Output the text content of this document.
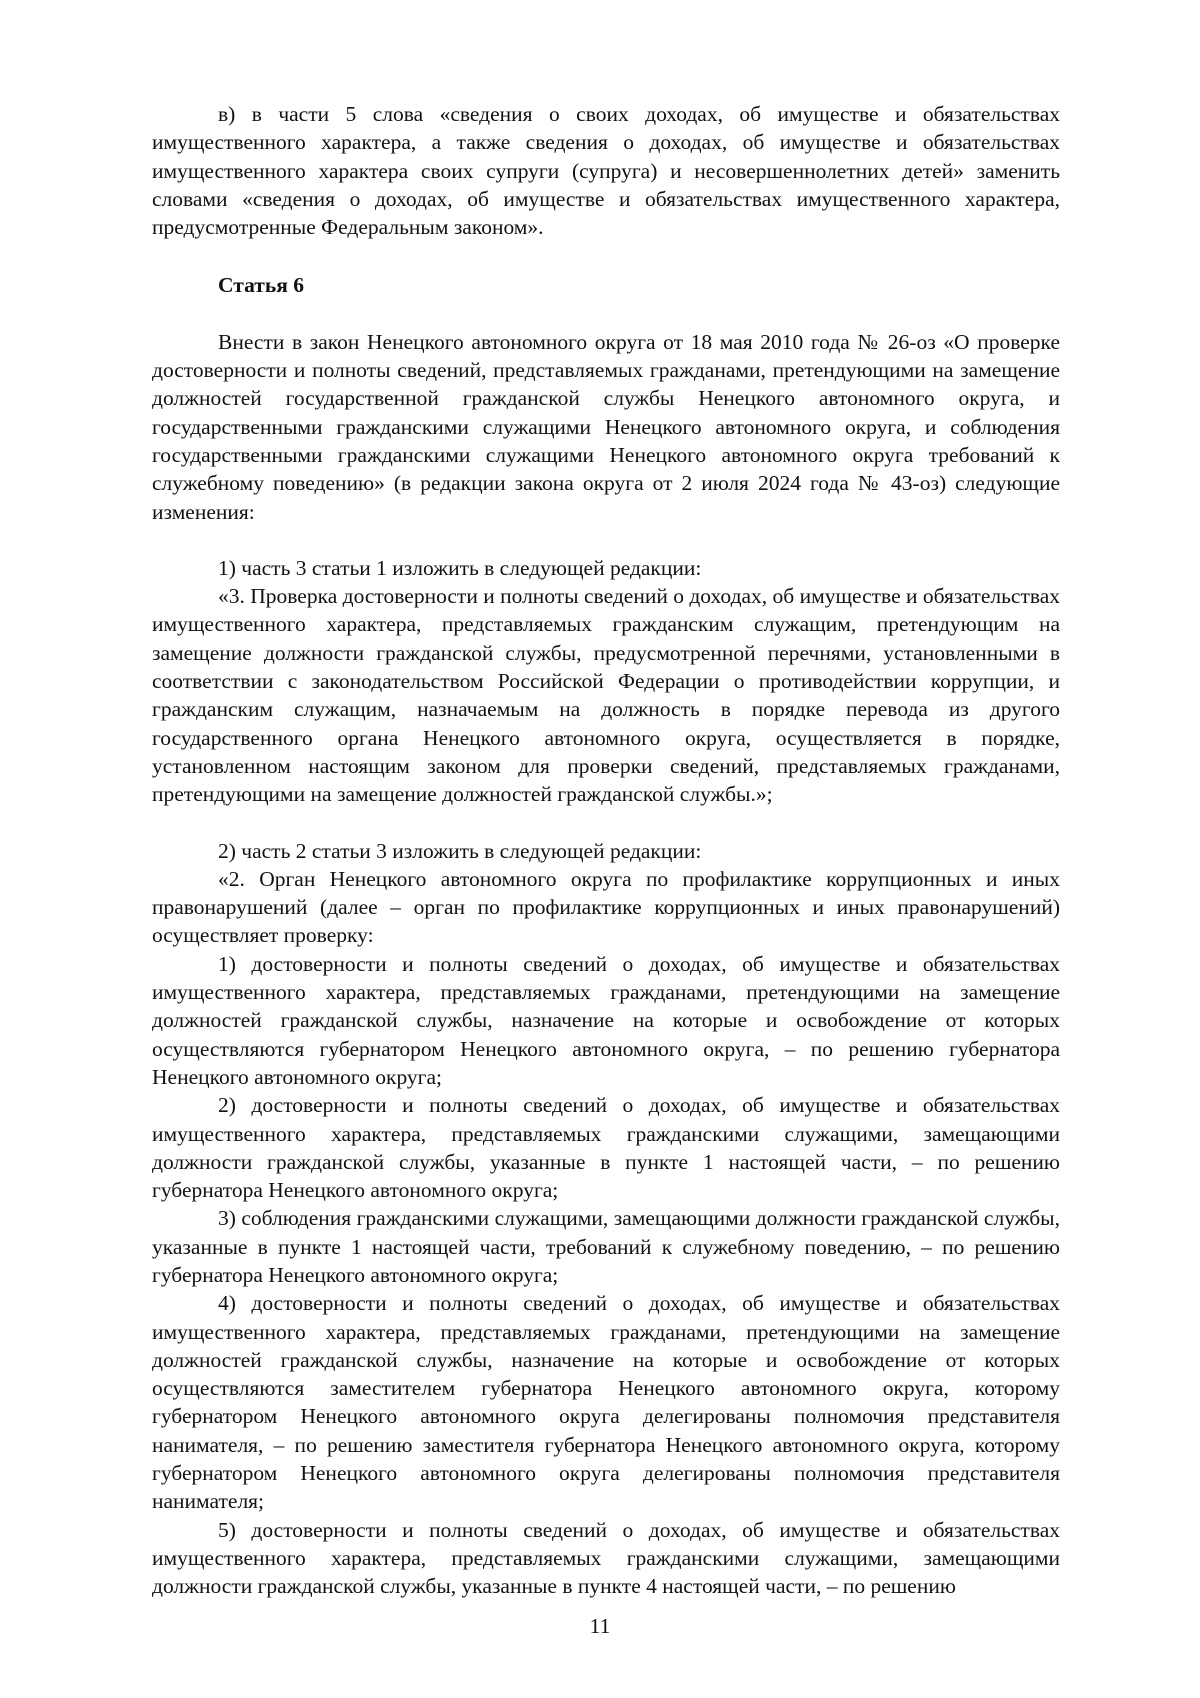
в) в части 5 слова «сведения о своих доходах, об имуществе и обязательствах имущественного характера, а также сведения о доходах, об имуществе и обязательствах имущественного характера своих супруги (супруга) и несовершеннолетних детей» заменить словами «сведения о доходах, об имуществе и обязательствах имущественного характера, предусмотренные Федеральным законом».

Статья 6

Внести в закон Ненецкого автономного округа от 18 мая 2010 года № 26-оз «О проверке достоверности и полноты сведений, представляемых гражданами, претендующими на замещение должностей государственной гражданской службы Ненецкого автономного округа, и государственными гражданскими служащими Ненецкого автономного округа, и соблюдения государственными гражданскими служащими Ненецкого автономного округа требований к служебному поведению» (в редакции закона округа от 2 июля 2024 года № 43-оз) следующие изменения:

1) часть 3 статьи 1 изложить в следующей редакции:

«3. Проверка достоверности и полноты сведений о доходах, об имуществе и обязательствах имущественного характера, представляемых гражданским служащим, претендующим на замещение должности гражданской службы, предусмотренной перечнями, установленными в соответствии с законодательством Российской Федерации о противодействии коррупции, и гражданским служащим, назначаемым на должность в порядке перевода из другого государственного органа Ненецкого автономного округа, осуществляется в порядке, установленном настоящим законом для проверки сведений, представляемых гражданами, претендующими на замещение должностей гражданской службы.»;

2) часть 2 статьи 3 изложить в следующей редакции:

«2. Орган Ненецкого автономного округа по профилактике коррупционных и иных правонарушений (далее – орган по профилактике коррупционных и иных правонарушений) осуществляет проверку:

1) достоверности и полноты сведений о доходах, об имуществе и обязательствах имущественного характера, представляемых гражданами, претендующими на замещение должностей гражданской службы, назначение на которые и освобождение от которых осуществляются губернатором Ненецкого автономного округа, – по решению губернатора Ненецкого автономного округа;

2) достоверности и полноты сведений о доходах, об имуществе и обязательствах имущественного характера, представляемых гражданскими служащими, замещающими должности гражданской службы, указанные в пункте 1 настоящей части, – по решению губернатора Ненецкого автономного округа;

3) соблюдения гражданскими служащими, замещающими должности гражданской службы, указанные в пункте 1 настоящей части, требований к служебному поведению, – по решению губернатора Ненецкого автономного округа;

4) достоверности и полноты сведений о доходах, об имуществе и обязательствах имущественного характера, представляемых гражданами, претендующими на замещение должностей гражданской службы, назначение на которые и освобождение от которых осуществляются заместителем губернатора Ненецкого автономного округа, которому губернатором Ненецкого автономного округа делегированы полномочия представителя нанимателя, – по решению заместителя губернатора Ненецкого автономного округа, которому губернатором Ненецкого автономного округа делегированы полномочия представителя нанимателя;

5) достоверности и полноты сведений о доходах, об имуществе и обязательствах имущественного характера, представляемых гражданскими служащими, замещающими должности гражданской службы, указанные в пункте 4 настоящей части, – по решению

11
